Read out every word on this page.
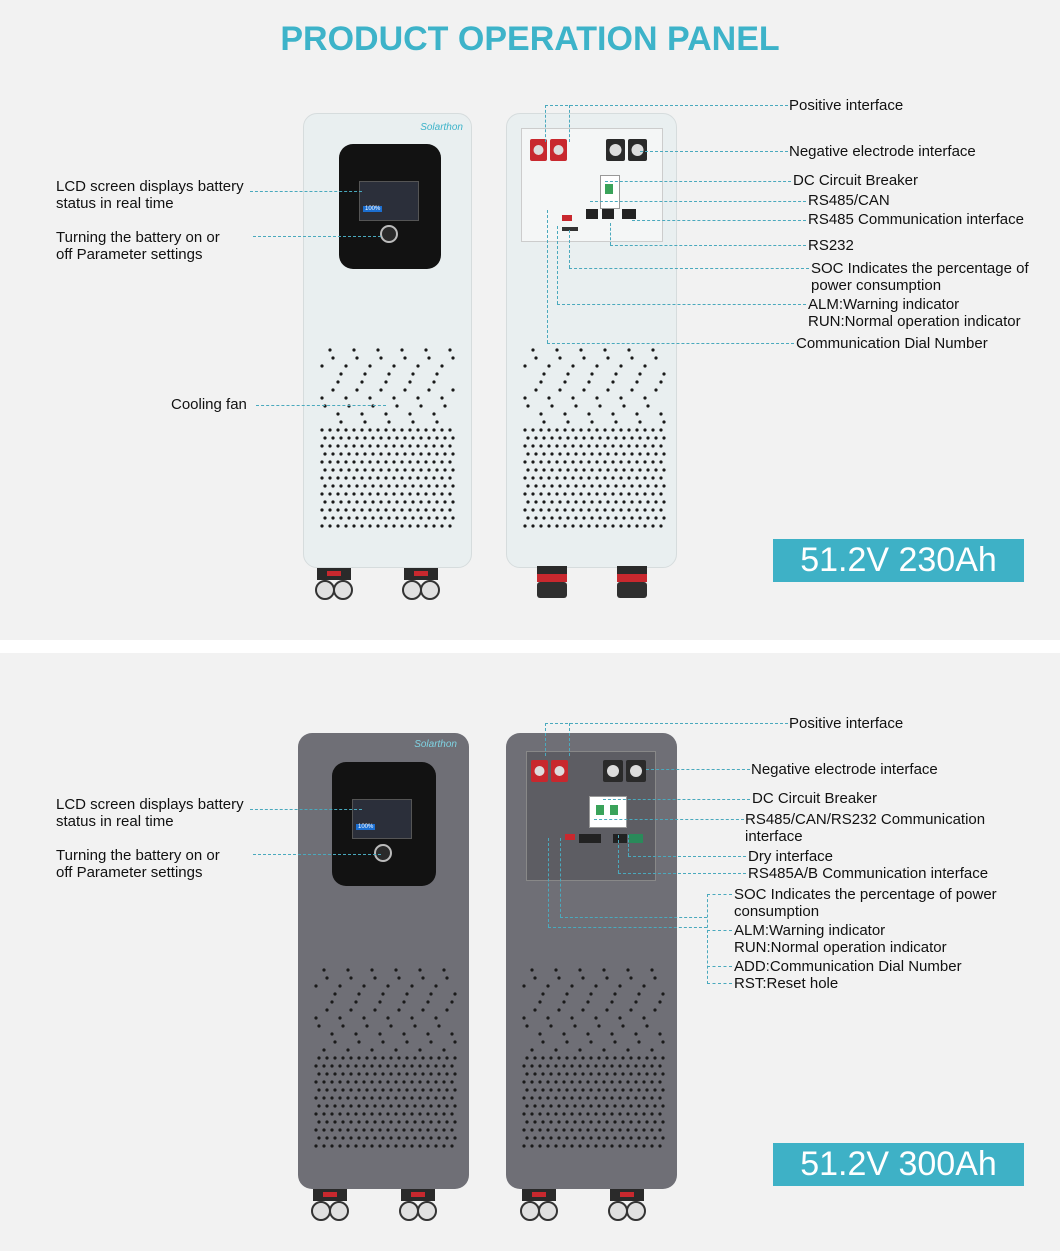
PRODUCT OPERATION PANEL
Solarthon
100%
LCD screen displays battery
status in real time
Turning the battery on or
off Parameter settings
Cooling fan
Positive interface
Negative electrode interface
DC Circuit Breaker
RS485/CAN
RS485 Communication interface
RS232
SOC Indicates the percentage of
power consumption
ALM:Warning indicator
RUN:Normal operation indicator
Communication Dial Number
51.2V 230Ah
Solarthon
100%
LCD screen displays battery
status in real time
Turning the battery on or
off Parameter settings
Positive interface
Negative electrode interface
DC Circuit Breaker
RS485/CAN/RS232 Communication
interface
Dry interface
RS485A/B Communication interface
SOC Indicates the percentage of power
consumption
ALM:Warning indicator
RUN:Normal operation indicator
ADD:Communication Dial Number
RST:Reset hole
51.2V 300Ah
